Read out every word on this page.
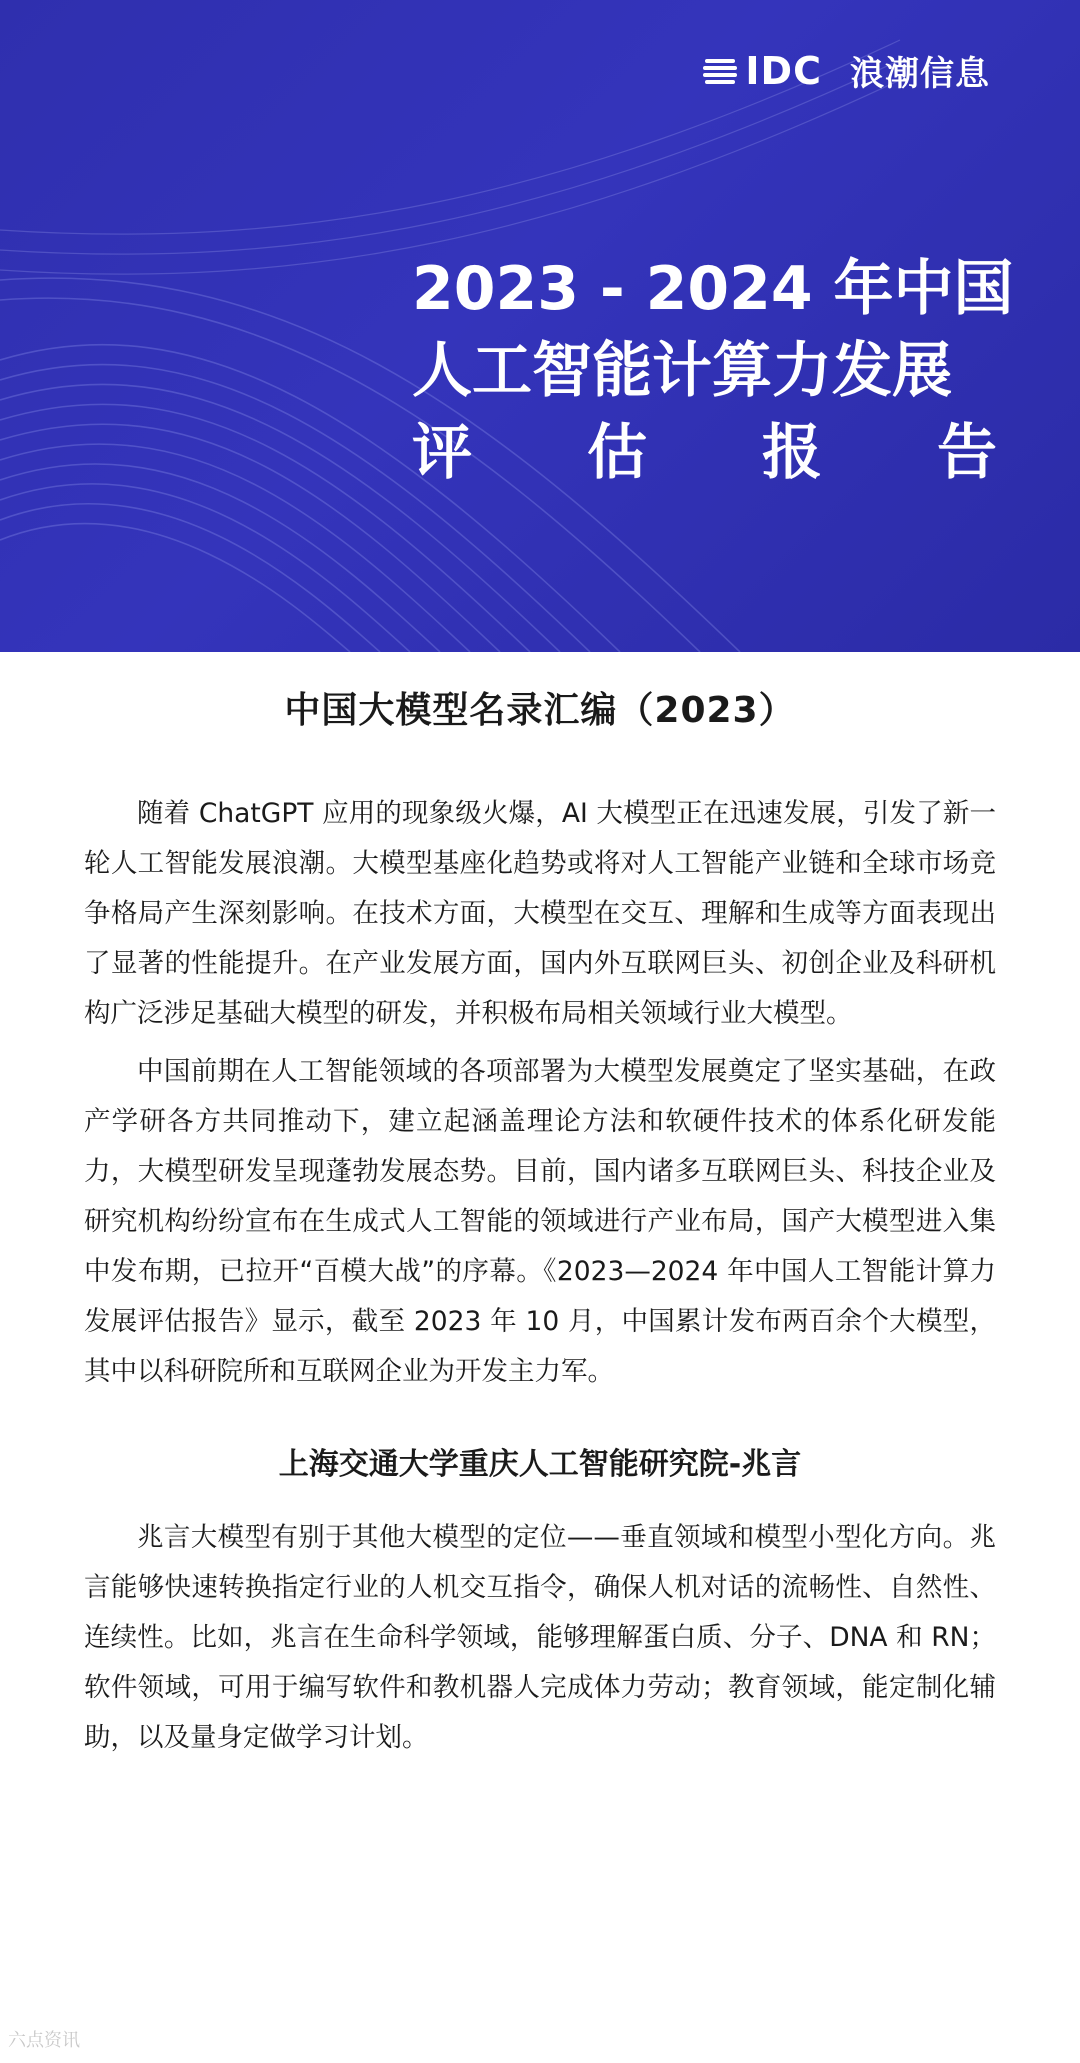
IDC 浪潮信息
2023 - 2024 年中国
人工智能计算力发展
评 估 报 告
中国大模型名录汇编（2023）

随着 ChatGPT 应用的现象级火爆，AI 大模型正在迅速发展，引发了新一轮人工智能发展浪潮。大模型基座化趋势或将对人工智能产业链和全球市场竞争格局产生深刻影响。在技术方面，大模型在交互、理解和生成等方面表现出了显著的性能提升。在产业发展方面，国内外互联网巨头、初创企业及科研机构广泛涉足基础大模型的研发，并积极布局相关领域行业大模型。

中国前期在人工智能领域的各项部署为大模型发展奠定了坚实基础，在政产学研各方共同推动下，建立起涵盖理论方法和软硬件技术的体系化研发能力，大模型研发呈现蓬勃发展态势。目前，国内诸多互联网巨头、科技企业及研究机构纷纷宣布在生成式人工智能的领域进行产业布局，国产大模型进入集中发布期，已拉开“百模大战”的序幕。《2023—2024 年中国人工智能计算力发展评估报告》显示，截至 2023 年 10 月，中国累计发布两百余个大模型，其中以科研院所和互联网企业为开发主力军。

上海交通大学重庆人工智能研究院-兆言

兆言大模型有别于其他大模型的定位——垂直领域和模型小型化方向。兆言能够快速转换指定行业的人机交互指令，确保人机对话的流畅性、自然性、连续性。比如，兆言在生命科学领域，能够理解蛋白质、分子、DNA 和 RN；软件领域，可用于编写软件和教机器人完成体力劳动；教育领域，能定制化辅助，以及量身定做学习计划。

六点资讯
